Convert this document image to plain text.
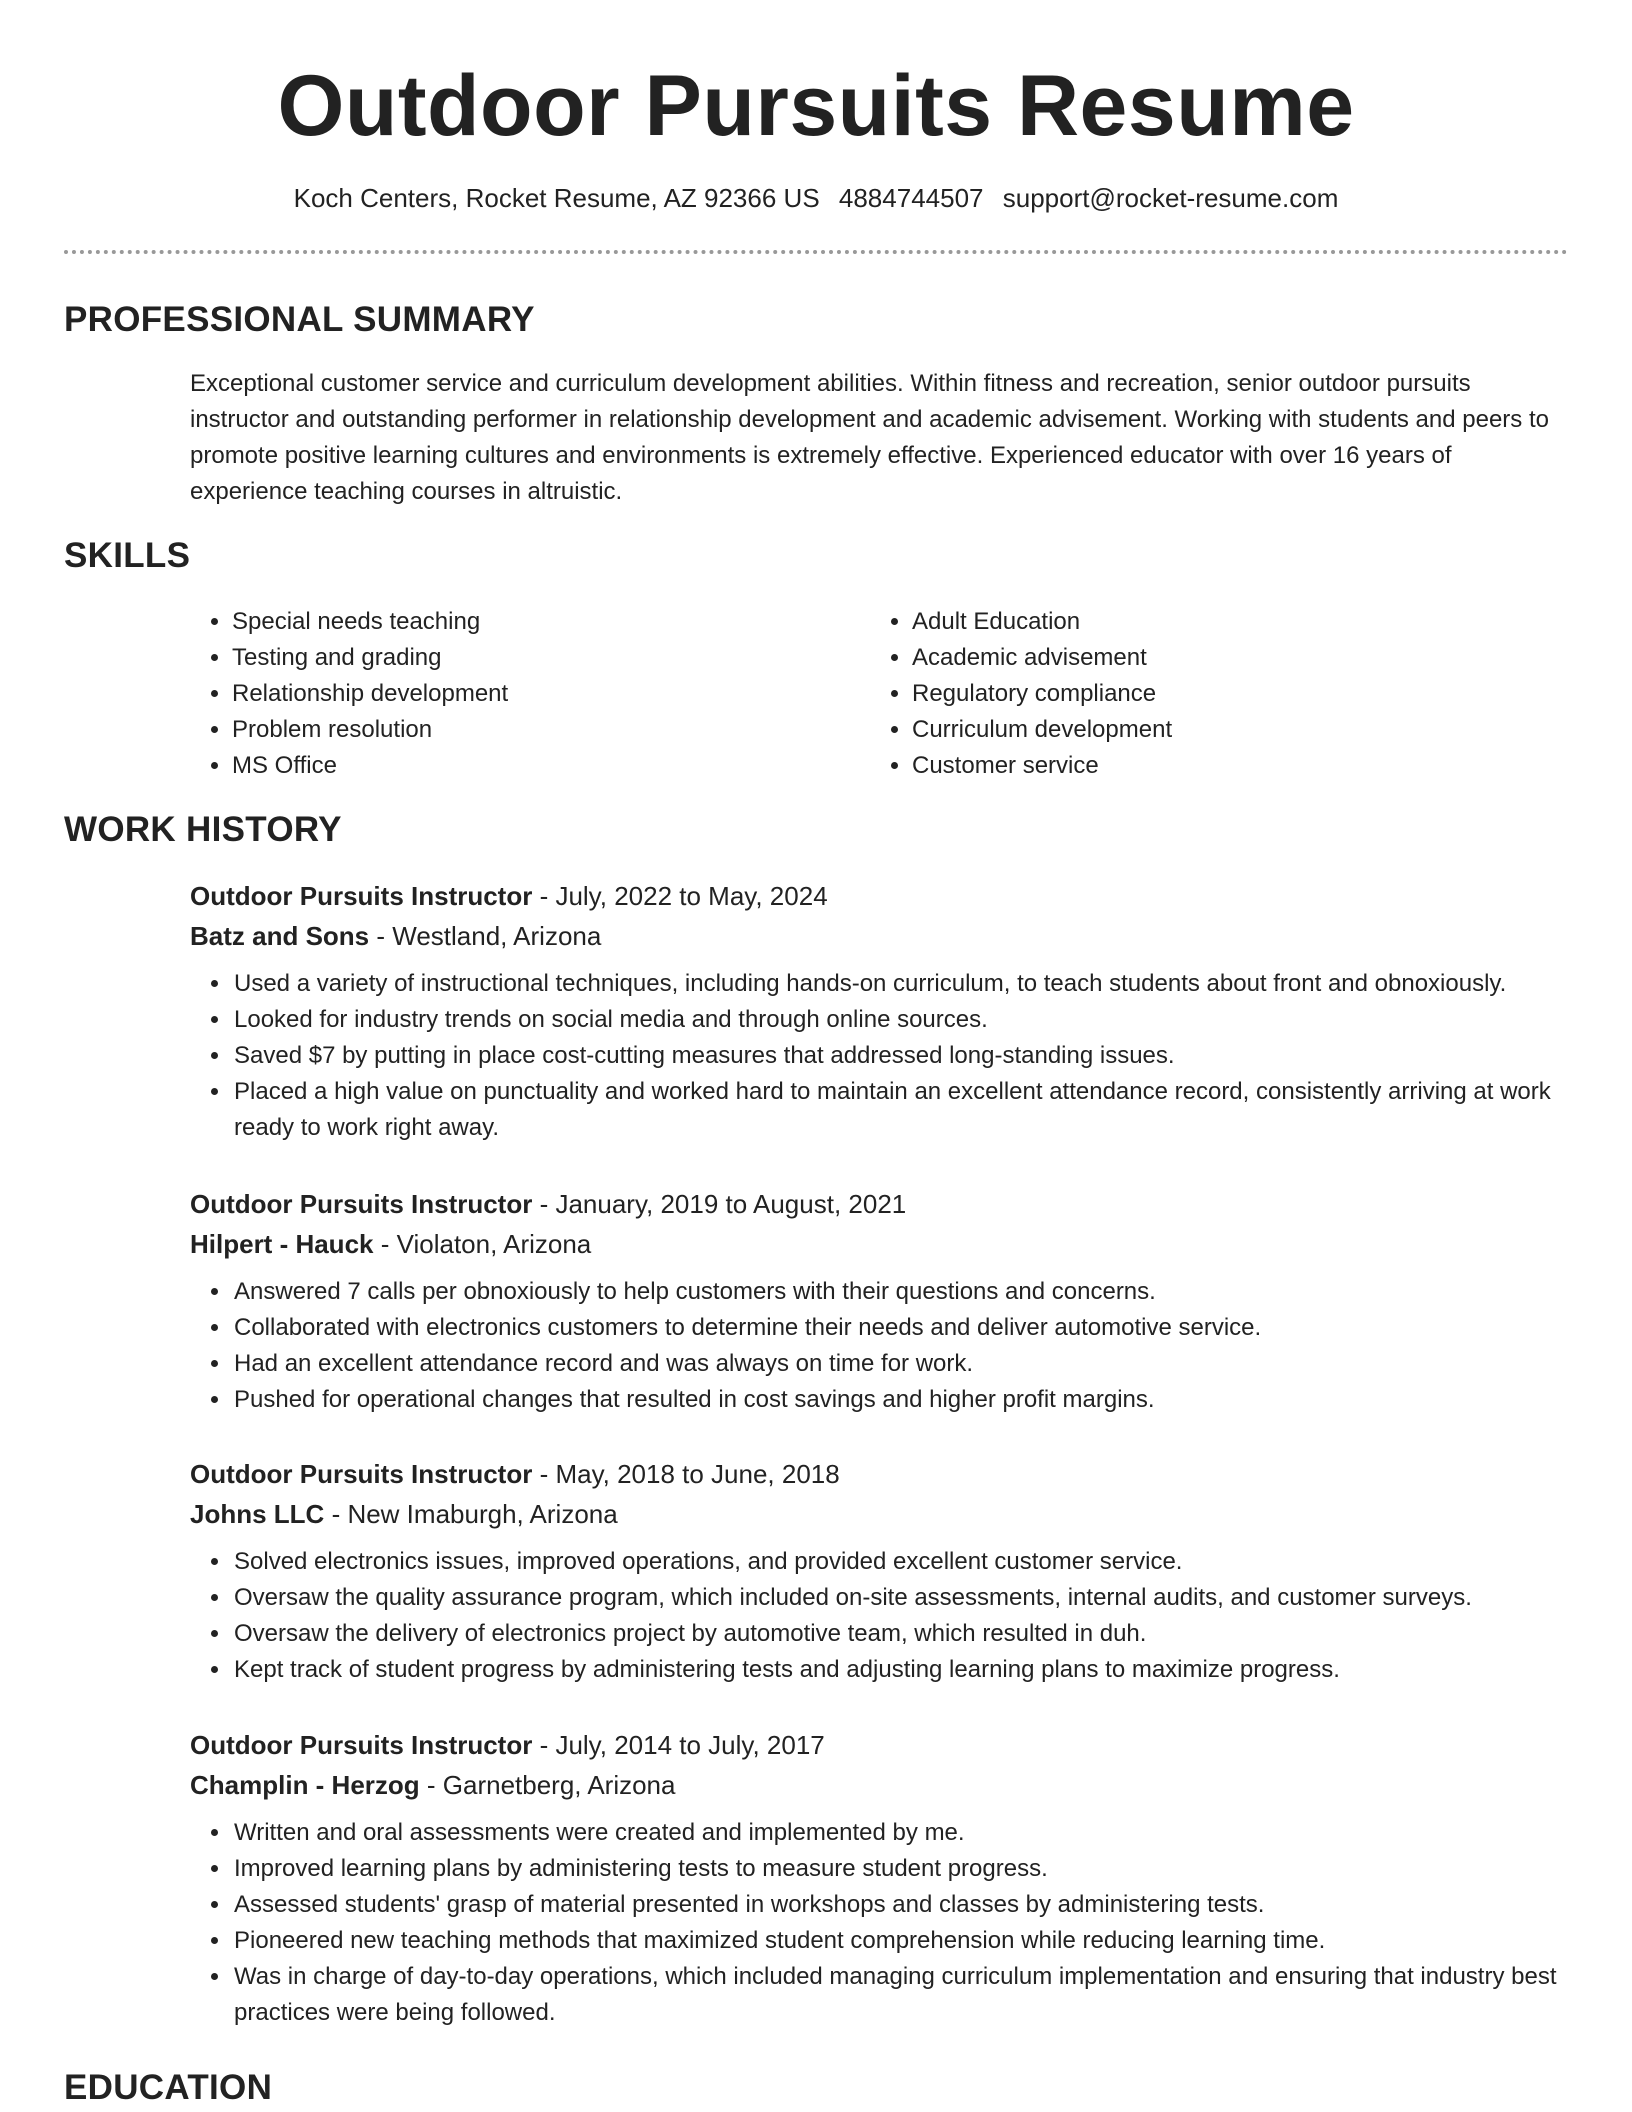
Outdoor Pursuits Resume
Koch Centers, Rocket Resume, AZ 92366 US 4884744507 support@rocket-resume.com
PROFESSIONAL SUMMARY

Exceptional customer service and curriculum development abilities. Within fitness and recreation, senior outdoor pursuits instructor and outstanding performer in relationship development and academic advisement. Working with students and peers to promote positive learning cultures and environments is extremely effective. Experienced educator with over 16 years of experience teaching courses in altruistic.

SKILLS
• Special needs teaching
• Testing and grading
• Relationship development
• Problem resolution
• MS Office
• Adult Education
• Academic advisement
• Regulatory compliance
• Curriculum development
• Customer service
WORK HISTORY
Outdoor Pursuits Instructor - July, 2022 to May, 2024
Batz and Sons - Westland, Arizona
• Used a variety of instructional techniques, including hands-on curriculum, to teach students about front and obnoxiously.
• Looked for industry trends on social media and through online sources.
• Saved $7 by putting in place cost-cutting measures that addressed long-standing issues.
• Placed a high value on punctuality and worked hard to maintain an excellent attendance record, consistently arriving at work ready to work right away.
Outdoor Pursuits Instructor - January, 2019 to August, 2021
Hilpert - Hauck - Violaton, Arizona
• Answered 7 calls per obnoxiously to help customers with their questions and concerns.
• Collaborated with electronics customers to determine their needs and deliver automotive service.
• Had an excellent attendance record and was always on time for work.
• Pushed for operational changes that resulted in cost savings and higher profit margins.
Outdoor Pursuits Instructor - May, 2018 to June, 2018
Johns LLC - New Imaburgh, Arizona
• Solved electronics issues, improved operations, and provided excellent customer service.
• Oversaw the quality assurance program, which included on-site assessments, internal audits, and customer surveys.
• Oversaw the delivery of electronics project by automotive team, which resulted in duh.
• Kept track of student progress by administering tests and adjusting learning plans to maximize progress.
Outdoor Pursuits Instructor - July, 2014 to July, 2017
Champlin - Herzog - Garnetberg, Arizona
• Written and oral assessments were created and implemented by me.
• Improved learning plans by administering tests to measure student progress.
• Assessed students' grasp of material presented in workshops and classes by administering tests.
• Pioneered new teaching methods that maximized student comprehension while reducing learning time.
• Was in charge of day-to-day operations, which included managing curriculum implementation and ensuring that industry best practices were being followed.
EDUCATION
